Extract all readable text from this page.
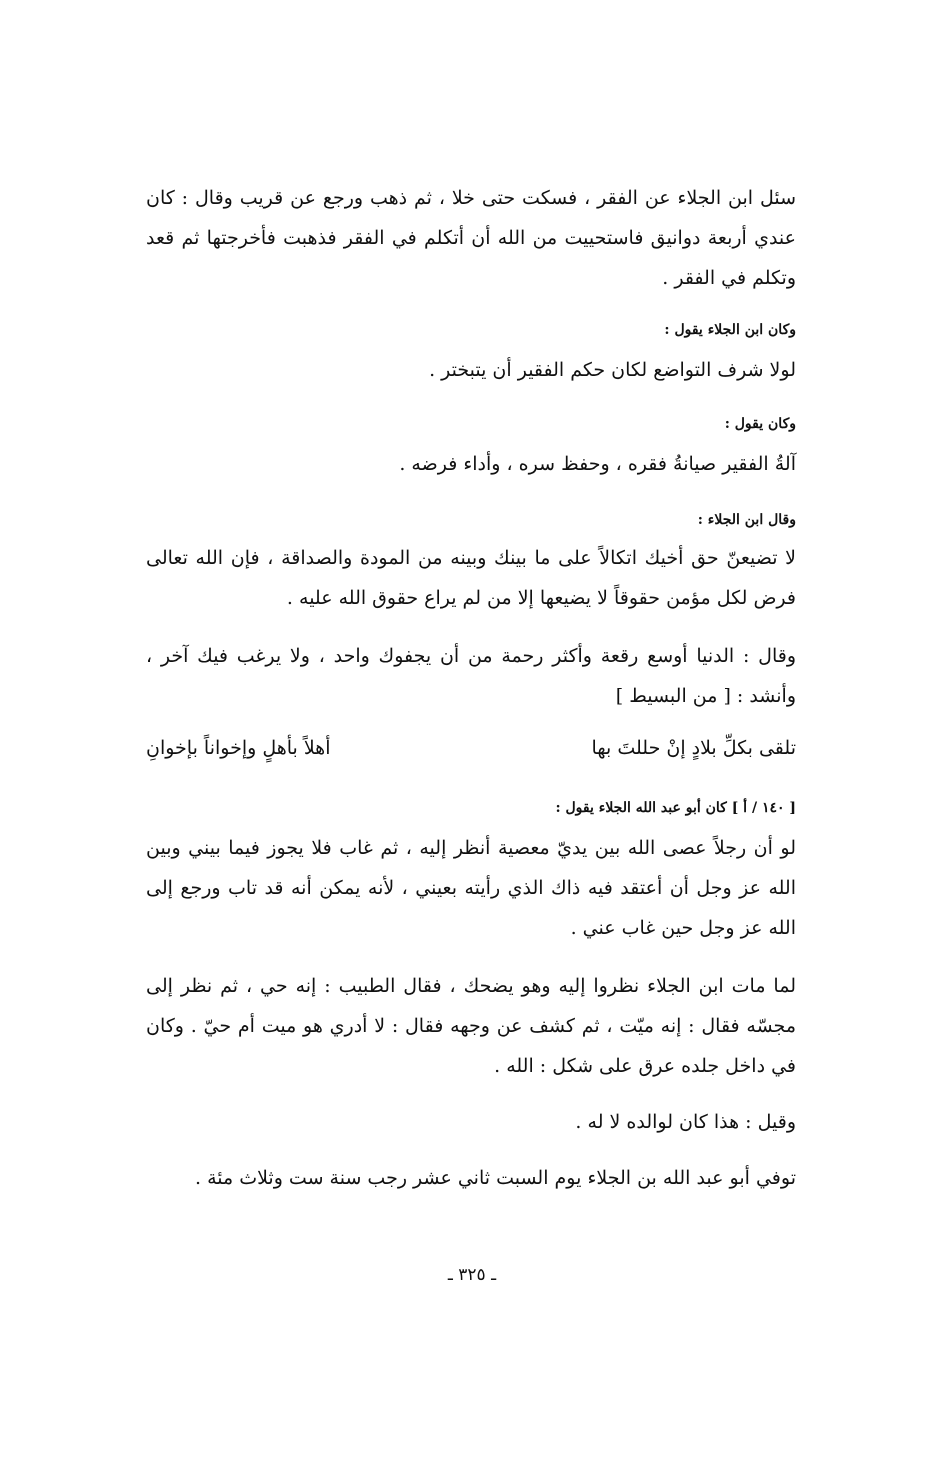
سئل ابن الجلاء عن الفقر ، فسكت حتى خلا ، ثم ذهب ورجع عن قريب وقال : كان عندي أربعة دوانيق فاستحييت من الله أن أتكلم في الفقر فذهبت فأخرجتها ثم قعد وتكلم في الفقر .

وكان ابن الجلاء يقول :

لولا شرف التواضع لكان حكم الفقير أن يتبختر .

وكان يقول :

آلةُ الفقير صيانةُ فقره ، وحفظ سره ، وأداء فرضه .

وقال ابن الجلاء :

لا تضيعنّ حق أخيك اتكالاً على ما بينك وبينه من المودة والصداقة ، فإن الله تعالى فرض لكل مؤمن حقوقاً لا يضيعها إلا من لم يراع حقوق الله عليه .

وقال : الدنيا أوسع رقعة وأكثر رحمة من أن يجفوك واحد ، ولا يرغب فيك آخر ، وأنشد : [ من البسيط ]

تلقى بكلِّ بلادٍ إنْ حللتَ بها
أهلاً بأهلٍ وإخواناً بإخوانِ

[ ١٤٠ / أ ] كان أبو عبد الله الجلاء يقول :

لو أن رجلاً عصى الله بين يديّ معصية أنظر إليه ، ثم غاب فلا يجوز فيما بيني وبين الله عز وجل أن أعتقد فيه ذاك الذي رأيته بعيني ، لأنه يمكن أنه قد تاب ورجع إلى الله عز وجل حين غاب عني .

لما مات ابن الجلاء نظروا إليه وهو يضحك ، فقال الطبيب : إنه حي ، ثم نظر إلى مجسّه فقال : إنه ميّت ، ثم كشف عن وجهه فقال : لا أدري هو ميت أم حيّ . وكان في داخل جلده عرق على شكل : الله .

وقيل : هذا كان لوالده لا له .

توفي أبو عبد الله بن الجلاء يوم السبت ثاني عشر رجب سنة ست وثلاث مئة .

ـ ٣٢٥ ـ
